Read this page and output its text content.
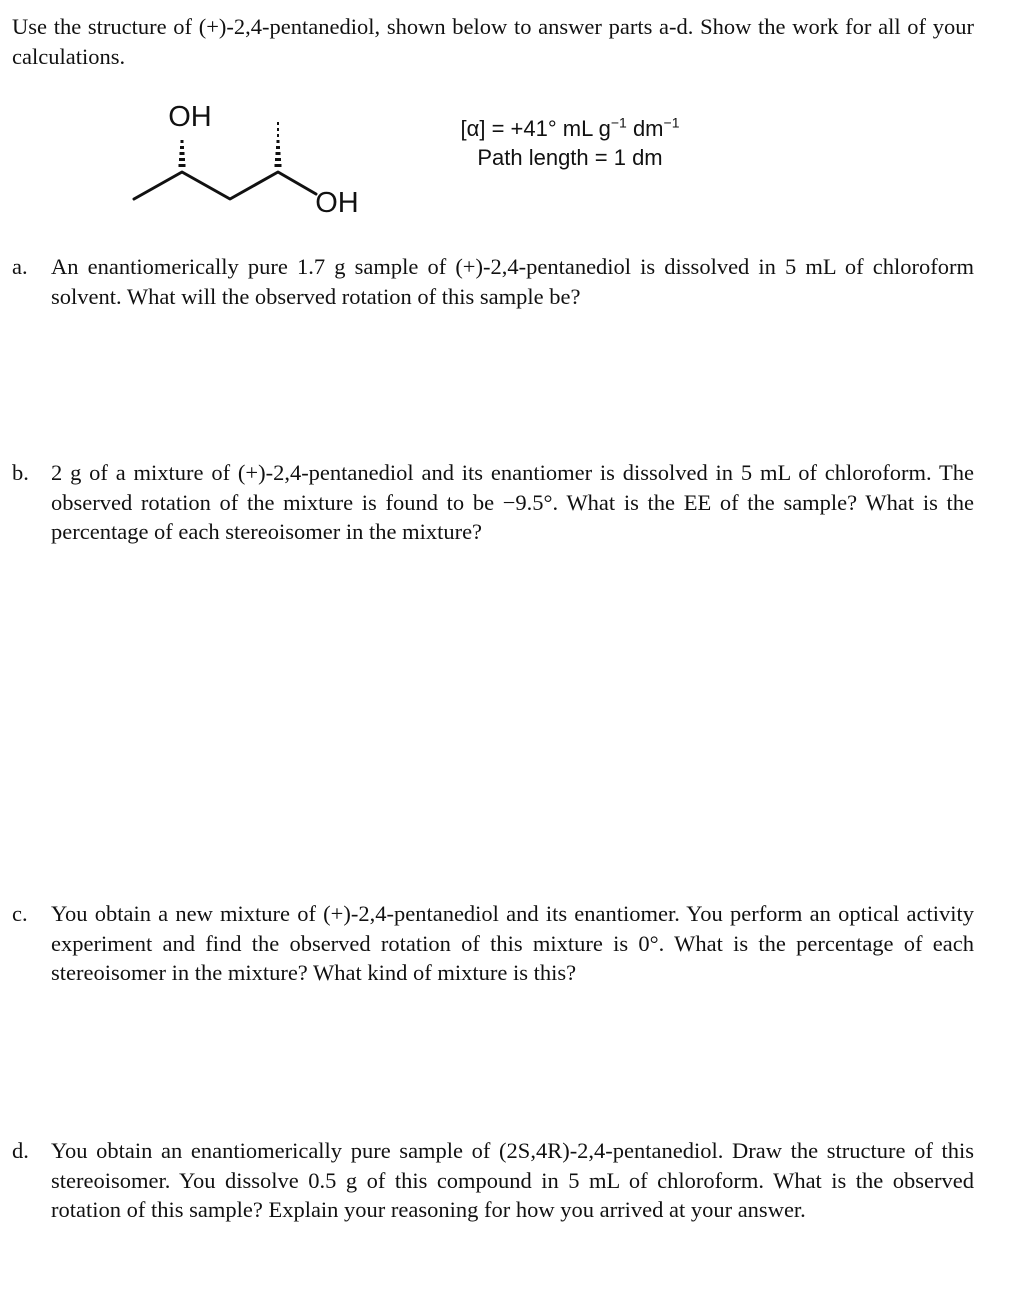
Use the structure of (+)-2,4-pentanediol, shown below to answer parts a-d. Show the work for all of your calculations.

OH
OH
[α] = +41° mL $g^{-1}$ $dm^{-1}$
Path length = 1 dm
a.	An enantiomerically pure 1.7 g sample of (+)-2,4-pentanediol is dissolved in 5 mL of chloroform solvent. What will the observed rotation of this sample be?

b. 2 g of a mixture of (+)-2,4-pentanediol and its enantiomer is dissolved in 5 mL of chloroform. The observed rotation of the mixture is found to be −9.5°. What is the EE of the sample? What is the percentage of each stereoisomer in the mixture?

c.	You obtain a new mixture of (+)-2,4-pentanediol and its enantiomer. You perform an optical activity experiment and find the observed rotation of this mixture is 0°. What is the percentage of each stereoisomer in the mixture? What kind of mixture is this?

d. You obtain an enantiomerically pure sample of (2S,4R)-2,4-pentanediol. Draw the structure of this stereoisomer. You dissolve 0.5 g of this compound in 5 mL of chloroform. What is the observed rotation of this sample? Explain your reasoning for how you arrived at your answer.
